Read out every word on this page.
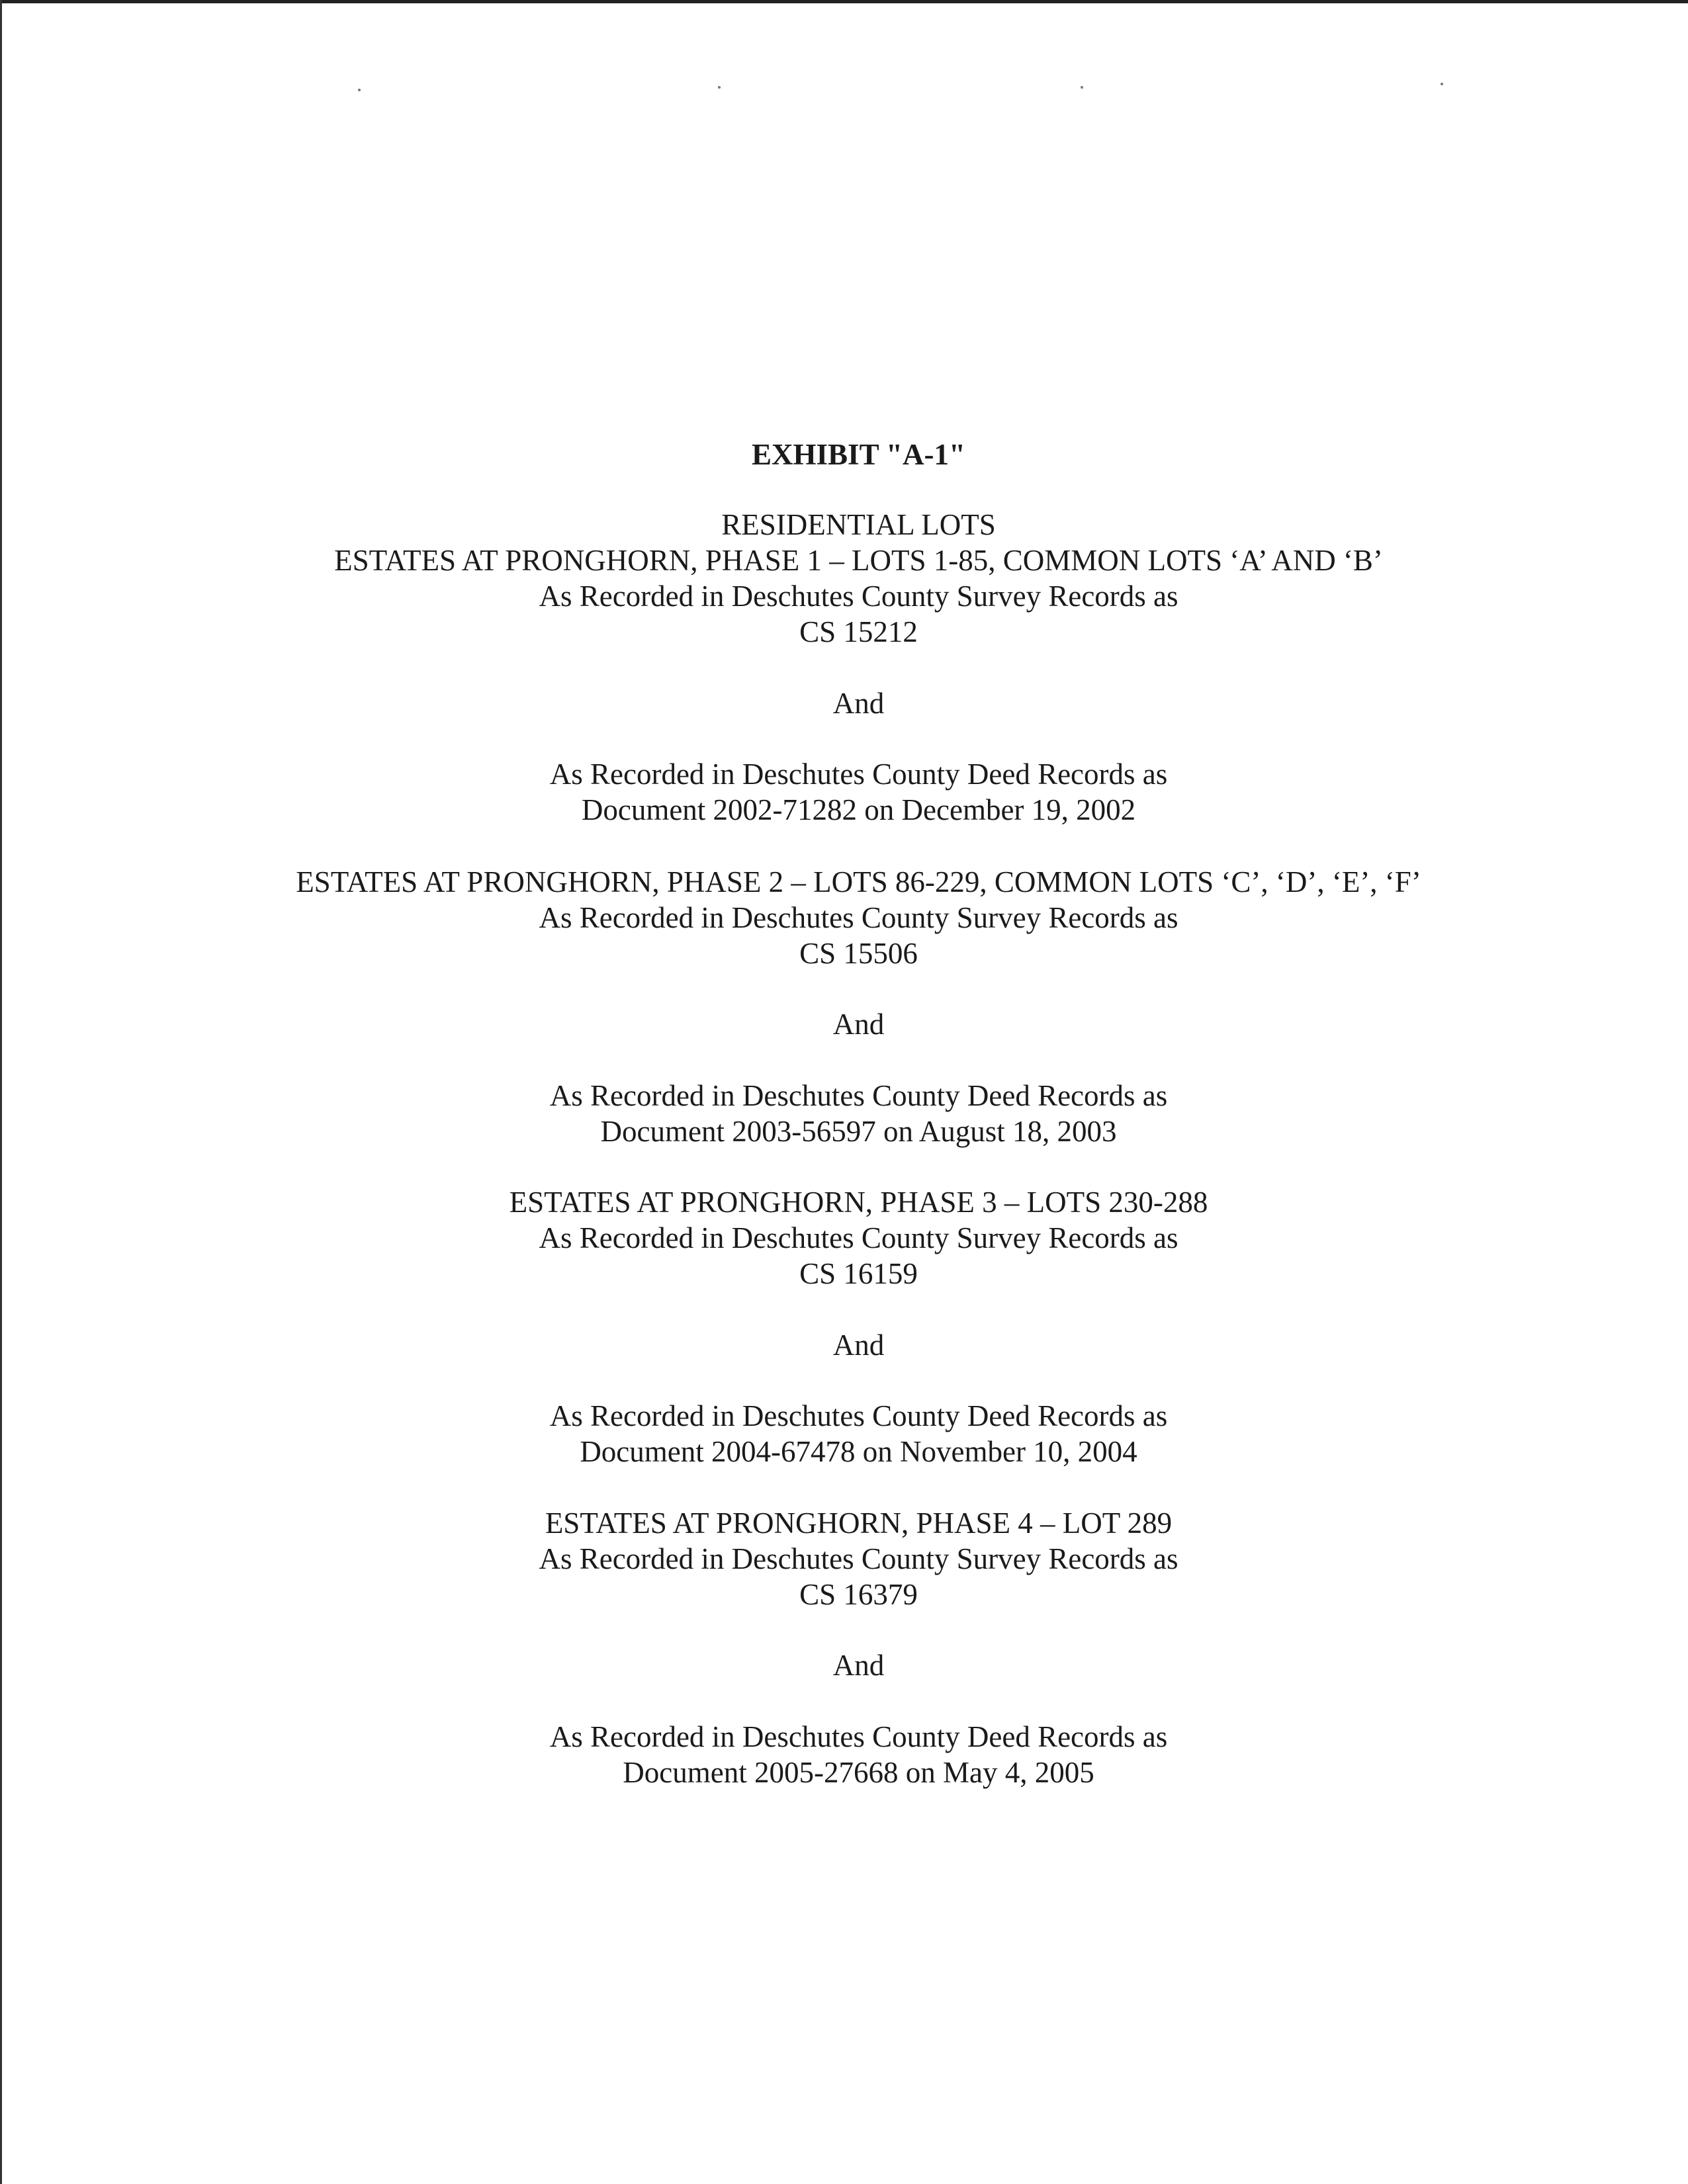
EXHIBIT "A-1"
RESIDENTIAL LOTS
ESTATES AT PRONGHORN, PHASE 1 – LOTS 1-85, COMMON LOTS ‘A’ AND ‘B’
As Recorded in Deschutes County Survey Records as
CS 15212
And
As Recorded in Deschutes County Deed Records as
Document 2002-71282 on December 19, 2002
ESTATES AT PRONGHORN, PHASE 2 – LOTS 86-229, COMMON LOTS ‘C’, ‘D’, ‘E’, ‘F’
As Recorded in Deschutes County Survey Records as
CS 15506
And
As Recorded in Deschutes County Deed Records as
Document 2003-56597 on August 18, 2003
ESTATES AT PRONGHORN, PHASE 3 – LOTS 230-288
As Recorded in Deschutes County Survey Records as
CS 16159
And
As Recorded in Deschutes County Deed Records as
Document 2004-67478 on November 10, 2004
ESTATES AT PRONGHORN, PHASE 4 – LOT 289
As Recorded in Deschutes County Survey Records as
CS 16379
And
As Recorded in Deschutes County Deed Records as
Document 2005-27668 on May 4, 2005
